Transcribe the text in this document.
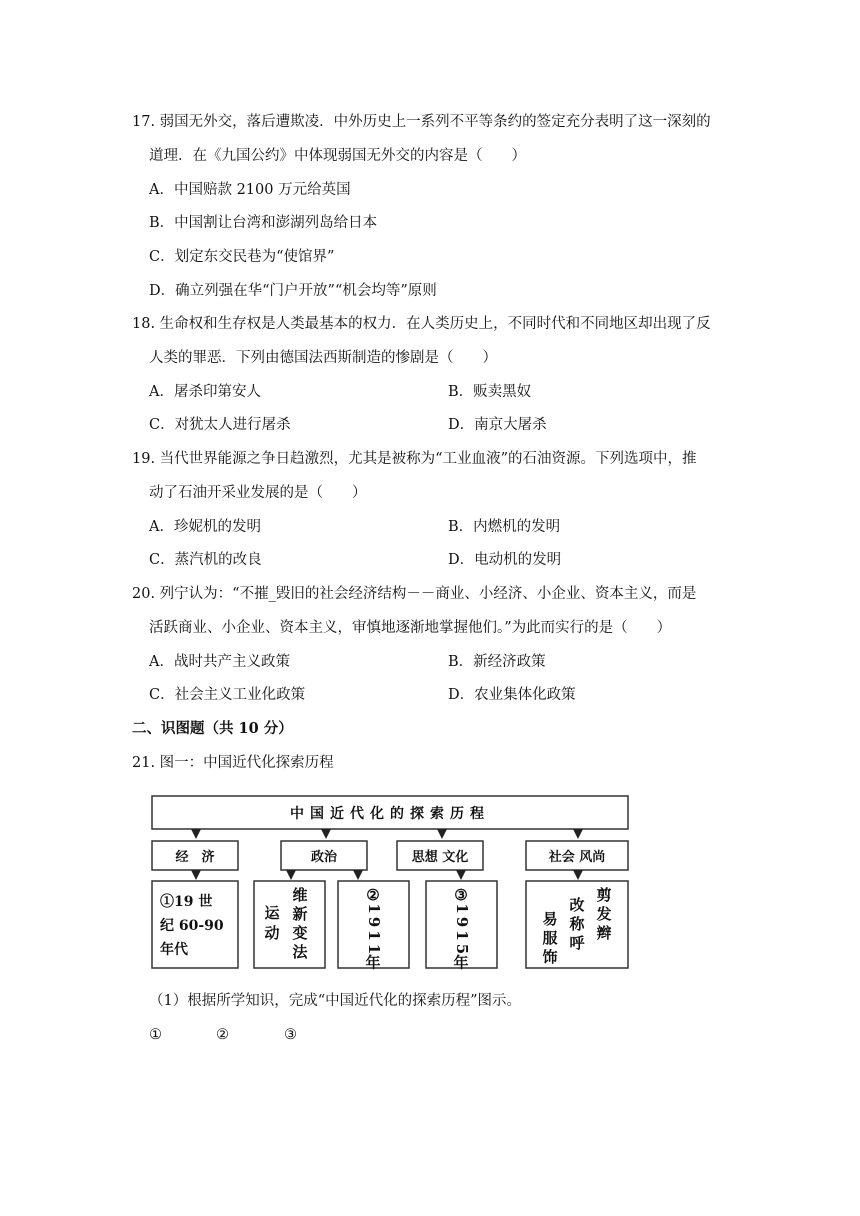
17. 弱国无外交，落后遭欺凌．中外历史上一系列不平等条约的签定充分表明了这一深刻的
道理．在《九国公约》中体现弱国无外交的内容是（　　）
A．中国赔款 2100 万元给英国
B．中国割让台湾和澎湖列岛给日本
C．划定东交民巷为“使馆界”
D．确立列强在华“门户开放”“机会均等”原则
18. 生命权和生存权是人类最基本的权力．在人类历史上，不同时代和不同地区却出现了反
人类的罪恶．下列由德国法西斯制造的惨剧是（　　）
A．屠杀印第安人	B．贩卖黑奴
C．对犹太人进行屠杀	D．南京大屠杀
19. 当代世界能源之争日趋激烈，尤其是被称为“工业血液”的石油资源。下列选项中，推
动了石油开采业发展的是（　　）
A．珍妮机的发明	B．内燃机的发明
C．蒸汽机的改良	D．电动机的发明
20. 列宁认为：“不摧_毁旧的社会经济结构－－商业、小经济、小企业、资本主义，而是
活跃商业、小企业、资本主义，审慎地逐渐地掌握他们。”为此而实行的是（　　）
A．战时共产主义政策	B．新经济政策
C．社会主义工业化政策	D．农业集体化政策
二、识图题（共 10 分）
21. 图一：中国近代化探索历程
中国近代化的探索历程
经　济	政治	思想 文化	社会 风尚
①19 世
纪 60-90
年代
运
动
维
新
变
法
②
1
9
1
1
年
③
1
9
1
5
年
易
服
饰
改
称
呼
剪
发
辫
（1）根据所学知识，完成“中国近代化的探索历程”图示。
①	②	③
